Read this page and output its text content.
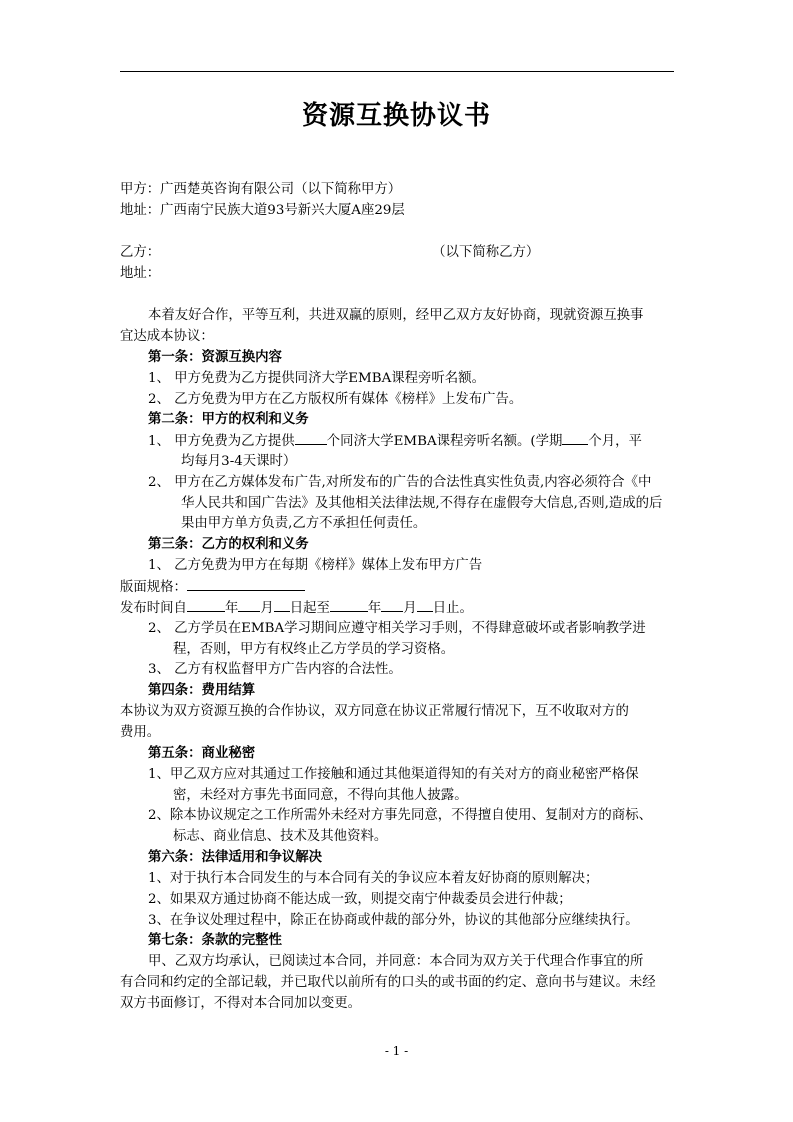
资源互换协议书
甲方：广西楚英咨询有限公司（以下简称甲方）
地址：广西南宁民族大道93号新兴大厦A座29层
乙方：	（以下简称乙方）
地址：
本着友好合作，平等互利，共进双赢的原则，经甲乙双方友好协商，现就资源互换事
宜达成本协议：
第一条：资源互换内容
1、 甲方免费为乙方提供同济大学EMBA课程旁听名额。
2、 乙方免费为甲方在乙方版权所有媒体《榜样》上发布广告。
第二条：甲方的权利和义务
1、 甲方免费为乙方提供 个同济大学EMBA课程旁听名额。(学期 个月，平
均每月3-4天课时）
2、 甲方在乙方媒体发布广告,对所发布的广告的合法性真实性负责,内容必须符合《中
华人民共和国广告法》及其他相关法律法规,不得存在虚假夸大信息,否则,造成的后
果由甲方单方负责,乙方不承担任何责任。
第三条：乙方的权利和义务
1、 乙方免费为甲方在每期《榜样》媒体上发布甲方广告
版面规格：
发布时间自	年 月 日起至	年 月 日止。
2、 乙方学员在EMBA学习期间应遵守相关学习手则，不得肆意破坏或者影响教学进
程，否则，甲方有权终止乙方学员的学习资格。
3、 乙方有权监督甲方广告内容的合法性。
第四条：费用结算
本协议为双方资源互换的合作协议，双方同意在协议正常履行情况下，互不收取对方的
费用。
第五条：商业秘密
1、甲乙双方应对其通过工作接触和通过其他渠道得知的有关对方的商业秘密严格保
密，未经对方事先书面同意，不得向其他人披露。
2、除本协议规定之工作所需外未经对方事先同意，不得擅自使用、复制对方的商标、
标志、商业信息、技术及其他资料。
第六条：法律适用和争议解决
1、对于执行本合同发生的与本合同有关的争议应本着友好协商的原则解决；
2、如果双方通过协商不能达成一致，则提交南宁仲裁委员会进行仲裁；
3、在争议处理过程中，除正在协商或仲裁的部分外，协议的其他部分应继续执行。
第七条：条款的完整性
甲、乙双方均承认，已阅读过本合同，并同意：本合同为双方关于代理合作事宜的所
有合同和约定的全部记载，并已取代以前所有的口头的或书面的约定、意向书与建议。未经
双方书面修订，不得对本合同加以变更。
- 1 -
